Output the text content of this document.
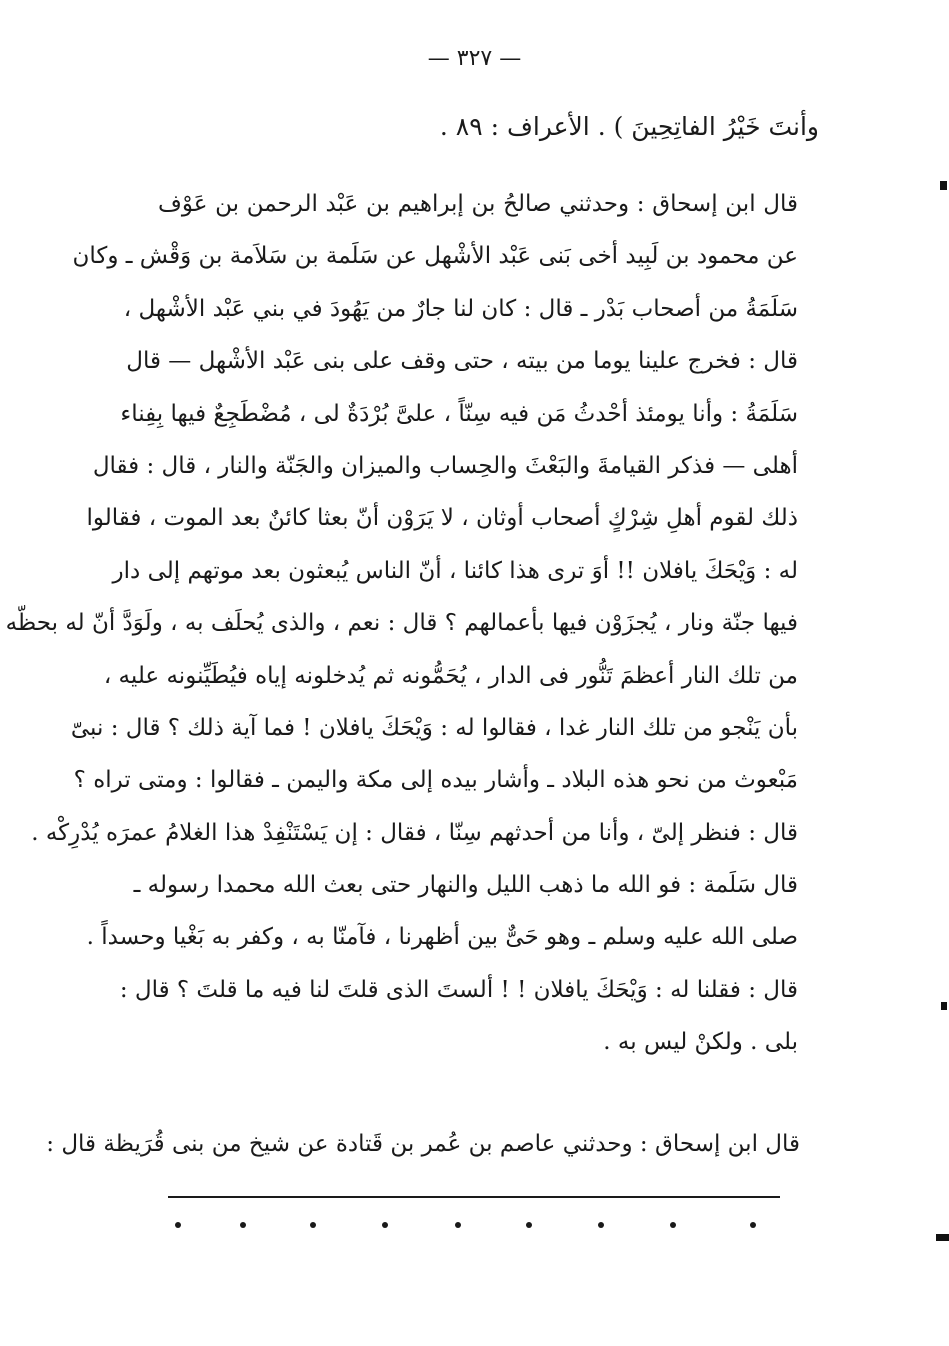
— ٣٢٧ —
وأنتَ خَيْرُ الفاتِحِينَ ) . الأعراف : ٨٩ .
قال ابن إسحاق : وحدثني صالحُ بن إبراهيم بن عَبْد الرحمن بن عَوْف
عن محمود بن لَبِيد أخى بَنى عَبْد الأشْهل عن سَلَمة بن سَلاَمة بن وَقْش ـ وكان
سَلَمَةُ من أصحاب بَدْر ـ قال : كان لنا جارٌ من يَهُودَ في بني عَبْد الأشْهل ،
قال : فخرج علينا يوما من بيته ، حتى وقف على بنى عَبْد الأشْهل — قال
سَلَمَةُ : وأنا يومئذ أحْدثُ مَن فيه سِنّاً ، علىَّ بُرْدَةٌ لى ، مُضْطَجِعٌ فيها بِفِناء
أهلى — فذكر القيامةَ والبَعْثَ والحِساب والميزان والجَنّة والنار ، قال : فقال
ذلك لقوم أهلِ شِرْكٍ أصحاب أوثان ، لا يَرَوْن أنّ بعثا كائنٌ بعد الموت ، فقالوا
له : وَيْحَكَ يافلان !! أوَ ترى هذا كائنا ، أنّ الناس يُبعثون بعد موتهم إلى دار
فيها جنّة ونار ، يُجزَوْن فيها بأعمالهم ؟ قال : نعم ، والذى يُحلَف به ، ولَوَدَّ أنّ له بحظّه
من تلك النار أعظمَ تَنُّور فى الدار ، يُحَمُّونه ثم يُدخلونه إياه فيُطَيِّنونه عليه ،
بأن يَنْجو من تلك النار غدا ، فقالوا له : وَيْحَكَ يافلان ! فما آية ذلك ؟ قال : نبىّ
مَبْعوث من نحو هذه البلاد ـ وأشار بيده إلى مكة واليمن ـ فقالوا : ومتى تراه ؟
قال : فنظر إلىّ ، وأنا من أحدثهم سِنّا ، فقال : إن يَسْتَنْفِدْ هذا الغلامُ عمرَه يُدْرِكْه .
قال سَلَمة : فو الله ما ذهب الليل والنهار حتى بعث الله محمدا رسوله ـ
صلى الله عليه وسلم ـ وهو حَىٌّ بين أظهرنا ، فآمنّا به ، وكفر به بَغْيا وحسداً .
قال : فقلنا له : وَيْحَكَ يافلان ! ! ألستَ الذى قلتَ لنا فيه ما قلتَ ؟ قال :
بلى . ولكنْ ليس به .
قال ابن إسحاق : وحدثني عاصم بن عُمر بن قَتادة عن شيخ من بنى قُرَيظة قال :
